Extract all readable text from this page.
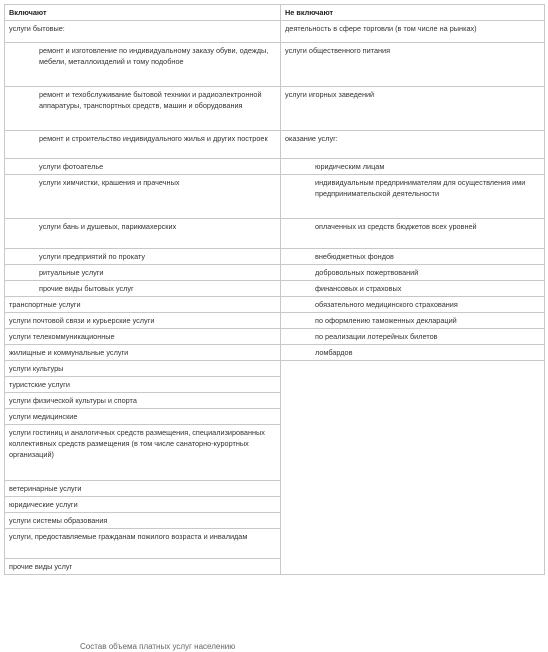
Включают	Не включают
услуги бытовые:	деятельность в сфере торговли (в том числе на рынках)
ремонт и изготовление по индивидуальному заказу обуви, одежды, мебели, металлоизделий и тому подобное	услуги общественного питания
ремонт и техобслуживание бытовой техники и радиоэлектронной аппаратуры, транспортных средств, машин и оборудования	услуги игорных заведений
ремонт и строительство индивидуального жилья и других построек	оказание услуг:
услуги фотоателье	юридическим лицам
услуги химчистки, крашения и прачечных	индивидуальным предпринимателям для осуществления ими предпринимательской деятельности
услуги бань и душевых, парикмахерских	оплаченных из средств бюджетов всех уровней
услуги предприятий по прокату	внебюджетных фондов
ритуальные услуги	добровольных пожертвований
прочие виды бытовых услуг	финансовых и страховых
транспортные услуги	обязательного медицинского страхования
услуги почтовой связи и курьерские услуги	по оформлению таможенных деклараций
услуги телекоммуникационные	по реализации лотерейных билетов
жилищные и коммунальные услуги	ломбардов
услуги культуры	
туристские услуги	
услуги физической культуры и спорта	
услуги медицинские	
услуги гостиниц и аналогичных средств размещения, специализированных коллективных средств размещения (в том числе санаторно-курортных организаций)	
ветеринарные услуги	
юридические услуги	
услуги системы образования	
услуги, предоставляемые гражданам пожилого возраста и инвалидам	
прочие виды услуг	
Состав объема платных услуг населению
